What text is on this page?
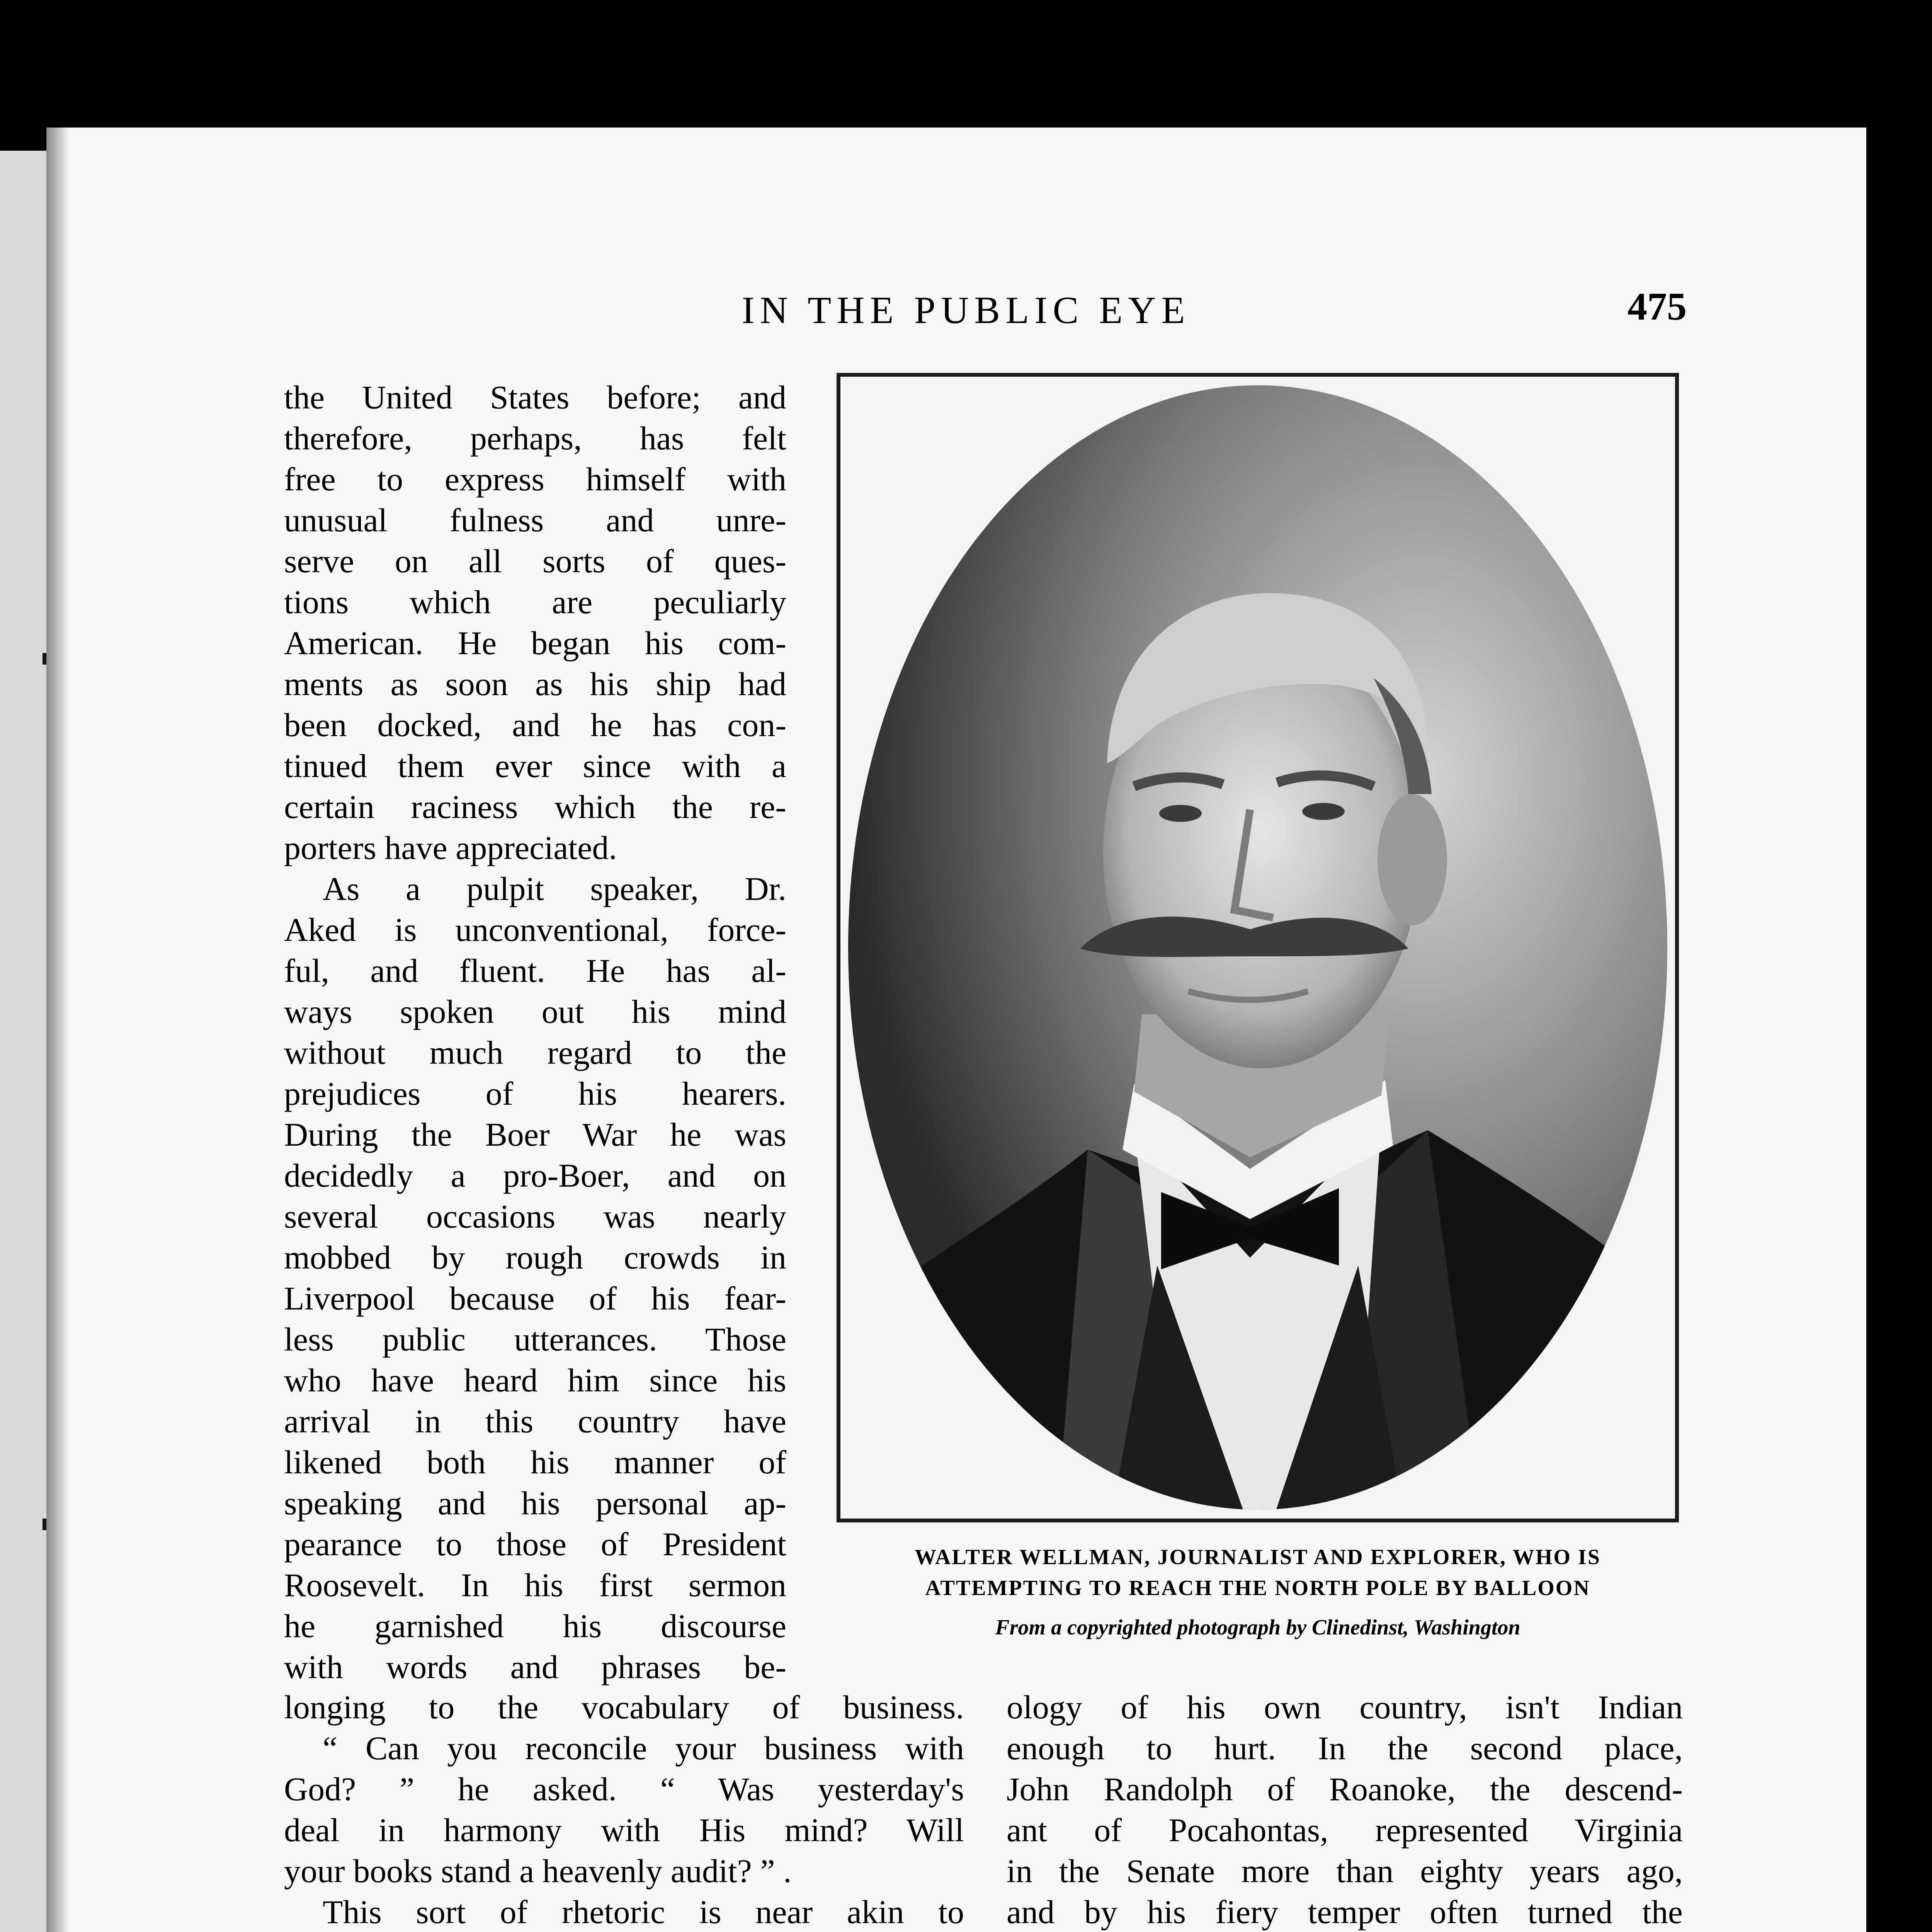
IN THE PUBLIC EYE	475

the United States before; and

therefore, perhaps, has felt

free to express himself with

unusual fulness and unre-

serve on all sorts of ques-

tions which are peculiarly

American. He began his com-

ments as soon as his ship had

been docked, and he has con-

tinued them ever since with a

certain raciness which the re-

porters have appreciated.

As a pulpit speaker, Dr.

Aked is unconventional, force-

ful, and fluent. He has al-

ways spoken out his mind

without much regard to the

prejudices of his hearers.

During the Boer War he was

decidedly a pro-Boer, and on

several occasions was nearly

mobbed by rough crowds in

Liverpool because of his fear-

less public utterances. Those

who have heard him since his

arrival in this country have

likened both his manner of

speaking and his personal ap-

pearance to those of President

Roosevelt. In his first sermon

he garnished his discourse

with words and phrases be-

WALTER WELLMAN, JOURNALIST AND EXPLORER, WHO IS
ATTEMPTING TO REACH THE NORTH POLE BY BALLOON
From a copyrighted photograph by Clinedinst, Washington

longing to the vocabulary of business.

“ Can you reconcile your business with

God? ” he asked. “ Was yesterday's

deal in harmony with His mind? Will

your books stand a heavenly audit? ” .

This sort of rhetoric is near akin to

ology of his own country, isn't Indian

enough to hurt. In the second place,

John Randolph of Roanoke, the descend-

ant of Pocahontas, represented Virginia

in the Senate more than eighty years ago,

and by his fiery temper often turned the
